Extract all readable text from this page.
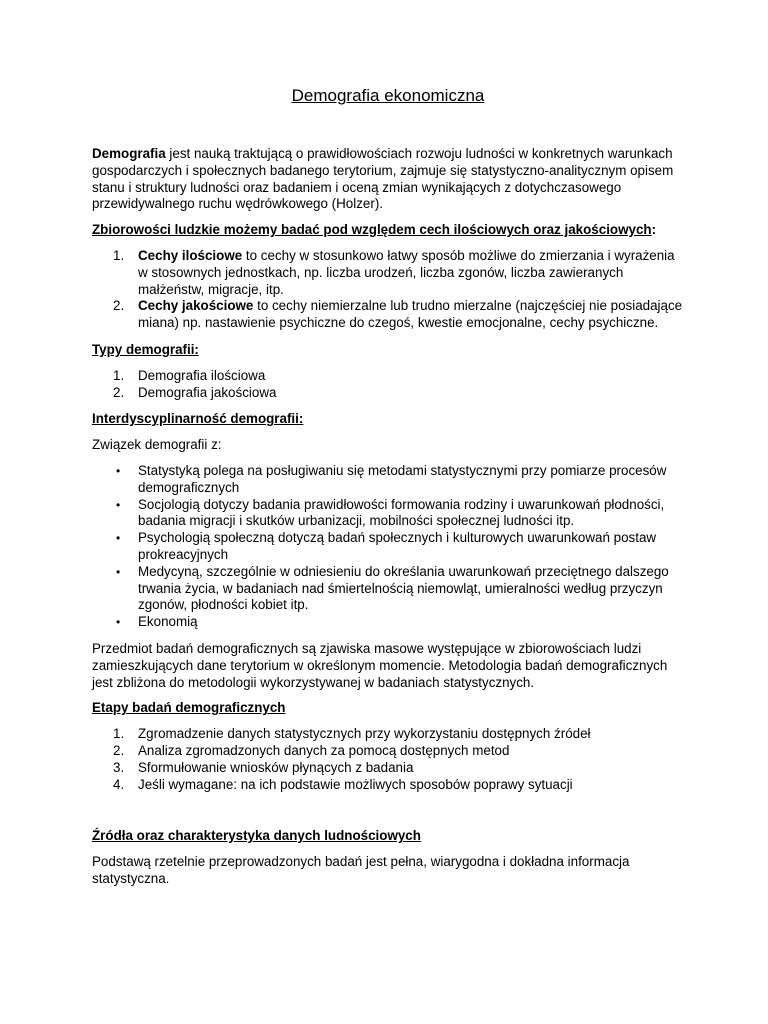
Demografia ekonomiczna

Demografia jest nauką traktującą o prawidłowościach rozwoju ludności w konkretnych warunkach gospodarczych i społecznych badanego terytorium, zajmuje się statystyczno-analitycznym opisem stanu i struktury ludności oraz badaniem i oceną zmian wynikających z dotychczasowego przewidywalnego ruchu wędrówkowego (Holzer).

Zbiorowości ludzkie możemy badać pod względem cech ilościowych oraz jakościowych:

1. Cechy ilościowe to cechy w stosunkowo łatwy sposób możliwe do zmierzania i wyrażenia w stosownych jednostkach, np. liczba urodzeń, liczba zgonów, liczba zawieranych małżeństw, migracje, itp.
2. Cechy jakościowe to cechy niemierzalne lub trudno mierzalne (najczęściej nie posiadające miana) np. nastawienie psychiczne do czegoś, kwestie emocjonalne, cechy psychiczne.

Typy demografii:

1. Demografia ilościowa
2. Demografia jakościowa

Interdyscyplinarność demografii:

Związek demografii z:

• Statystyką polega na posługiwaniu się metodami statystycznymi przy pomiarze procesów demograficznych
• Socjologią dotyczy badania prawidłowości formowania rodziny i uwarunkowań płodności, badania migracji i skutków urbanizacji, mobilności społecznej ludności itp.
• Psychologią społeczną dotyczą badań społecznych i kulturowych uwarunkowań postaw prokreacyjnych
• Medycyną, szczególnie w odniesieniu do określania uwarunkowań przeciętnego dalszego trwania życia, w badaniach nad śmiertelnością niemowląt, umieralności według przyczyn zgonów, płodności kobiet itp.
• Ekonomią

Przedmiot badań demograficznych są zjawiska masowe występujące w zbiorowościach ludzi zamieszkujących dane terytorium w określonym momencie. Metodologia badań demograficznych jest zbliżona do metodologii wykorzystywanej w badaniach statystycznych.

Etapy badań demograficznych

1. Zgromadzenie danych statystycznych przy wykorzystaniu dostępnych źródeł
2. Analiza zgromadzonych danych za pomocą dostępnych metod
3. Sformułowanie wniosków płynących z badania
4. Jeśli wymagane: na ich podstawie możliwych sposobów poprawy sytuacji

Źródła oraz charakterystyka danych ludnościowych

Podstawą rzetelnie przeprowadzonych badań jest pełna, wiarygodna i dokładna informacja statystyczna.
